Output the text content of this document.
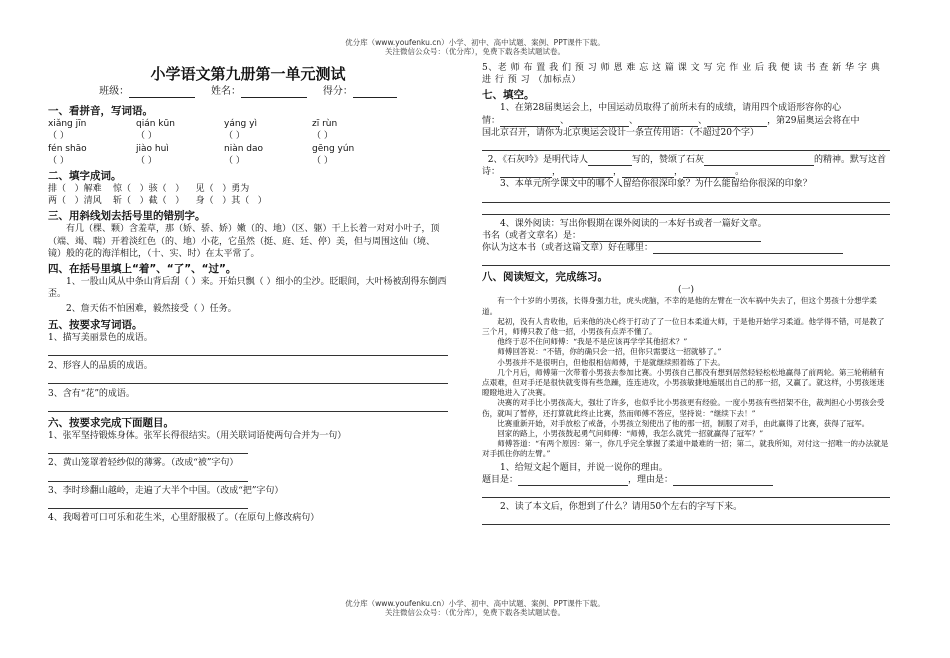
优分库（www.youfenku.cn）小学、初中、高中试题、案例、PPT课件下载。
关注微信公众号：（优分库），免费下载各类试题试卷。
小学语文第九册第一单元测试
班级：	姓名：	得分：
一、看拼音，写词语。
xiǎng jīn	qián kūn	yáng yì	zī rùn
（ ）	（ ）	（ ）	（ ）
fén shāo	jiào huì	niàn dao	gēng yún
（ ）	（ ）	（ ）	（ ）
二、填字成词。
排（   ）解难    惊（   ）骇（   ）    见（   ）勇为
两（   ）清风    斩（   ）截（   ）    身（   ）其（   ）
三、用斜线划去括号里的错别字。

有几（棵、颗）含羞草，那（娇、骄、娇）嫩（的、地）（区、躯）干上长着一对对小叶子，顶（端、竭、喘）开着淡红色（的、地）小花，它虽然（挺、庭、廷、停）美，但与周围这仙（境、镜）般的花的海洋相比，（十、实、时）在太平常了。

四、在括号里填上“着”、“了”、“过”。

1、一股山风从中条山背后刮（ ）来。开始只飘（ ）细小的尘沙。眨眼间，大叶杨被刮得东倒西歪。

2、詹天佑不怕困难，毅然接受（ ）任务。

五、按要求写词语。
1、描写美丽景色的成语。
2、形容人的品质的成语。
3、含有“花”的成语。
六、按要求完成下面题目。
1、张军坚持锻炼身体。张军长得很结实。（用关联词语使两句合并为一句）
2、黄山笼罩着轻纱似的薄雾。（改成“被”字句）
3、李时珍翻山越岭，走遍了大半个中国。（改成“把”字句）
4、我喝着可口可乐和花生米，心里舒服极了。（在原句上修改病句）

5、老 师 布 置 我 们 预 习 师 恩 难 忘 这 篇 课 文 写 完 作 业 后 我 便 读 书 查 新 华 字 典 进 行 预 习 （加标点）

七、填空。

1、在第28届奥运会上，中国运动员取得了前所未有的成绩，请用四个成语形容你的心

情：	、	、	、	，第29届奥运会将在中
国北京召开，请你为北京奥运会设计一条宣传用语：（不超过20个字）
2、《石灰吟》是明代诗人	写的，赞颂了石灰	的精神。默写这首诗：	，	，	，	。

3、本单元所学课文中的哪个人留给你很深印象？为什么能留给你很深的印象？

4、课外阅读：写出你假期在课外阅读的一本好书或者一篇好文章。

书名（或者文章名）是：
你认为这本书（或者这篇文章）好在哪里：
八、阅读短文，完成练习。
(一)

有一个十岁的小男孩，长得身强力壮，虎头虎脑，不幸的是他的左臂在一次车祸中失去了，但这个男孩十分想学柔道。

起初，没有人肯收他，后来他的决心终于打动了了一位日本柔道大师，于是他开始学习柔道。他学得不错，可是教了三个月，师傅只教了他一招，小男孩有点弄不懂了。

他终于忍不住问师傅：“我是不是应该再学学其他招术？”

师傅回答说：“不错，你的确只会一招，但你只需要这一招就够了。”

小男孩并不是很明白，但他很相信师傅，于是就继续照着练了下去。

几个月后，师傅第一次带着小男孩去参加比赛。小男孩自己都没有想到居然轻轻松松地赢得了前两轮。第三轮稍稍有点艰难，但对手还是很快就变得有些急躁，连连进攻，小男孩敏捷地施展出自己的那一招，又赢了。就这样，小男孩迷迷瞪瞪地进入了决赛。

决赛的对手比小男孩高大，强壮了许多，也似乎比小男孩更有经验。一度小男孩有些招架不住，裁判担心小男孩会受伤，就叫了暂停，还打算就此终止比赛，然而师傅不答应，坚持说：“继续下去！”

比赛重新开始，对手放松了戒备，小男孩立刻使出了他的那一招，制服了对手，由此赢得了比赛，获得了冠军。

回家的路上，小男孩鼓起勇气问师傅：“师傅，我怎么就凭一招就赢得了冠军？”

师傅答道：“有两个原因：第一，你几乎完全掌握了柔道中最难的一招；第二，就我所知，对付这一招唯一的办法就是对手抓住你的左臂。”

1、给短文起个题目，并说一说你的理由。

题目是：	，理由是：

2、读了本文后，你想到了什么？请用50个左右的字写下来。

优分库（www.youfenku.cn）小学、初中、高中试题、案例、PPT课件下载。
关注微信公众号：（优分库），免费下载各类试题试卷。
